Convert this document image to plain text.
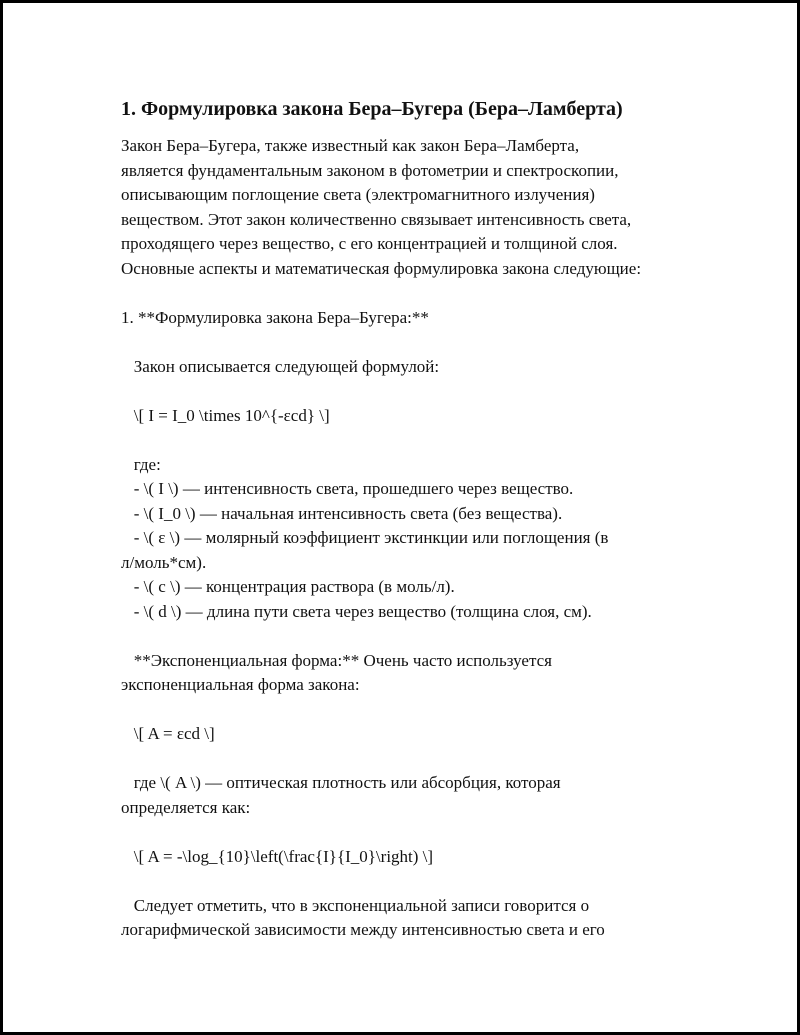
1. Формулировка закона Бера–Бугера (Бера–Ламберта)
Закон Бера–Бугера, также известный как закон Бера–Ламберта,
является фундаментальным законом в фотометрии и спектроскопии,
описывающим поглощение света (электромагнитного излучения)
веществом. Этот закон количественно связывает интенсивность света,
проходящего через вещество, с его концентрацией и толщиной слоя.
Основные аспекты и математическая формулировка закона следующие:
1. **Формулировка закона Бера–Бугера:**
Закон описывается следующей формулой:
\[ I = I_0 \times 10^{-εcd} \]
где:
- \( I \) — интенсивность света, прошедшего через вещество.
- \( I_0 \) — начальная интенсивность света (без вещества).
- \( ε \) — молярный коэффициент экстинкции или поглощения (в
л/моль*см).
- \( c \) — концентрация раствора (в моль/л).
- \( d \) — длина пути света через вещество (толщина слоя, см).
**Экспоненциальная форма:** Очень часто используется
экспоненциальная форма закона:
\[ A = εcd \]
где \( A \) — оптическая плотность или абсорбция, которая
определяется как:
\[ A = -\log_{10}\left(\frac{I}{I_0}\right) \]
Следует отметить, что в экспоненциальной записи говорится о
логарифмической зависимости между интенсивностью света и его
